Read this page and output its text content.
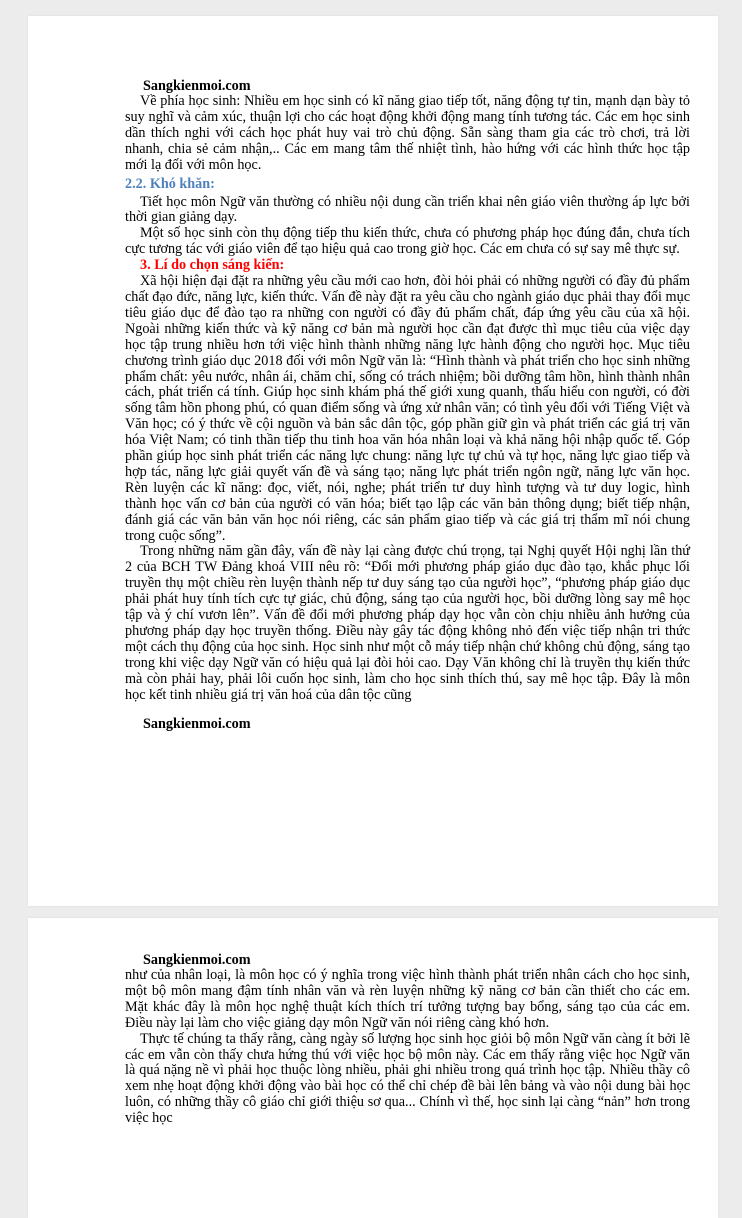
Sangkienmoi.com

Về phía học sinh: Nhiều em học sinh có kĩ năng giao tiếp tốt, năng động tự tin, mạnh dạn bày tỏ suy nghĩ và cảm xúc, thuận lợi cho các hoạt động khởi động mang tính tương tác. Các em học sinh dần thích nghi với cách học phát huy vai trò chủ động. Sẵn sàng tham gia các trò chơi, trả lời nhanh, chia sẻ cảm nhận,.. Các em mang tâm thế nhiệt tình, hào hứng với các hình thức học tập mới lạ đối với môn học.

2.2. Khó khăn:

Tiết học môn Ngữ văn thường có nhiều nội dung cần triển khai nên giáo viên thường áp lực bởi thời gian giảng dạy.

Một số học sinh còn thụ động tiếp thu kiến thức, chưa có phương pháp học đúng đắn, chưa tích cực tương tác với giáo viên để tạo hiệu quả cao trong giờ học. Các em chưa có sự say mê thực sự.

3. Lí do chọn sáng kiến:

Xã hội hiện đại đặt ra những yêu cầu mới cao hơn, đòi hỏi phải có những người có đầy đủ phẩm chất đạo đức, năng lực, kiến thức. Vấn đề này đặt ra yêu cầu cho ngành giáo dục phải thay đổi mục tiêu giáo dục để đào tạo ra những con người có đầy đủ phẩm chất, đáp ứng yêu cầu của xã hội. Ngoài những kiến thức và kỹ năng cơ bản mà người học cần đạt được thì mục tiêu của việc dạy học tập trung nhiều hơn tới việc hình thành những năng lực hành động cho người học. Mục tiêu chương trình giáo dục 2018 đối với môn Ngữ văn là: “Hình thành và phát triển cho học sinh những phẩm chất: yêu nước, nhân ái, chăm chỉ, sống có trách nhiệm; bồi dưỡng tâm hồn, hình thành nhân cách, phát triển cá tính. Giúp học sinh khám phá thế giới xung quanh, thấu hiểu con người, có đời sống tâm hồn phong phú, có quan điểm sống và ứng xử nhân văn; có tình yêu đối với Tiếng Việt và Văn học; có ý thức về cội nguồn và bản sắc dân tộc, góp phần giữ gìn và phát triển các giá trị văn hóa Việt Nam; có tinh thần tiếp thu tinh hoa văn hóa nhân loại và khả năng hội nhập quốc tế. Góp phần giúp học sinh phát triển các năng lực chung: năng lực tự chủ và tự học, năng lực giao tiếp và hợp tác, năng lực giải quyết vấn đề và sáng tạo; năng lực phát triển ngôn ngữ, năng lực văn học. Rèn luyện các kĩ năng: đọc, viết, nói, nghe; phát triển tư duy hình tượng và tư duy logic, hình thành học vấn cơ bản của người có văn hóa; biết tạo lập các văn bản thông dụng; biết tiếp nhận, đánh giá các văn bản văn học nói riêng, các sản phẩm giao tiếp và các giá trị thẩm mĩ nói chung trong cuộc sống”.

Trong những năm gần đây, vấn đề này lại càng được chú trọng, tại Nghị quyết Hội nghị lần thứ 2 của BCH TW Đảng khoá VIII nêu rõ: “Đổi mới phương pháp giáo dục đào tạo, khắc phục lối truyền thụ một chiều rèn luyện thành nếp tư duy sáng tạo của người học”, “phương pháp giáo dục phải phát huy tính tích cực tự giác, chủ động, sáng tạo của người học, bồi dưỡng lòng say mê học tập và ý chí vươn lên”. Vấn đề đổi mới phương pháp dạy học vẫn còn chịu nhiều ảnh hưởng của phương pháp dạy học truyền thống. Điều này gây tác động không nhỏ đến việc tiếp nhận tri thức một cách thụ động của học sinh. Học sinh như một cỗ máy tiếp nhận chứ không chủ động, sáng tạo trong khi việc dạy Ngữ văn có hiệu quả lại đòi hỏi cao. Dạy Văn không chỉ là truyền thụ kiến thức mà còn phải hay, phải lôi cuốn học sinh, làm cho học sinh thích thú, say mê học tập. Đây là môn học kết tinh nhiều giá trị văn hoá của dân tộc cũng

Sangkienmoi.com

Sangkienmoi.com

như của nhân loại, là môn học có ý nghĩa trong việc hình thành phát triển nhân cách cho học sinh, một bộ môn mang đậm tính nhân văn và rèn luyện những kỹ năng cơ bản cần thiết cho các em. Mặt khác đây là môn học nghệ thuật kích thích trí tưởng tượng bay bổng, sáng tạo của các em. Điều này lại làm cho việc giảng dạy môn Ngữ văn nói riêng càng khó hơn.

Thực tế chúng ta thấy rằng, càng ngày số lượng học sinh học giỏi bộ môn Ngữ văn càng ít bởi lẽ các em vẫn còn thấy chưa hứng thú với việc học bộ môn này. Các em thấy rằng việc học Ngữ văn là quá nặng nề vì phải học thuộc lòng nhiều, phải ghi nhiều trong quá trình học tập. Nhiều thầy cô xem nhẹ hoạt động khởi động vào bài học có thể chỉ chép đề bài lên bảng và vào nội dung bài học luôn, có những thầy cô giáo chỉ giới thiệu sơ qua... Chính vì thế, học sinh lại càng “nản” hơn trong việc học
